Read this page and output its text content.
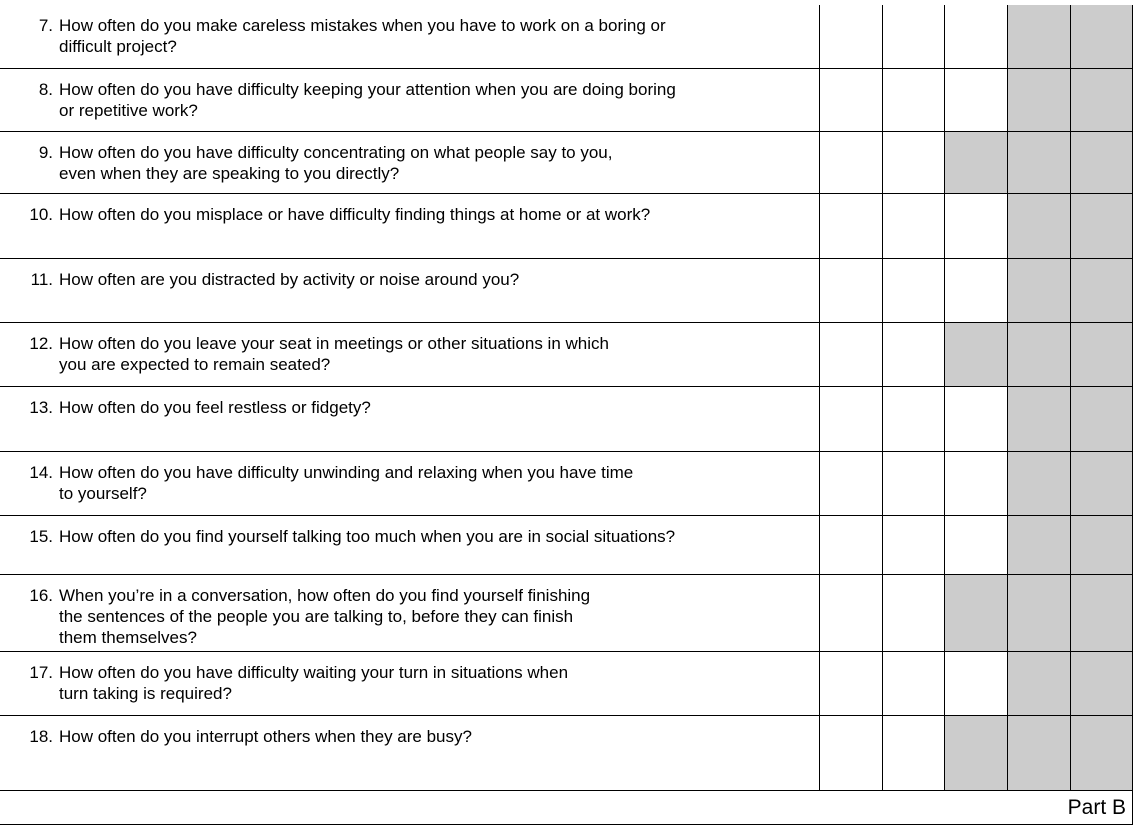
7. How often do you make careless mistakes when you have to work on a boring or
difficult project?
8. How often do you have difficulty keeping your attention when you are doing boring
or repetitive work?
9. How often do you have difficulty concentrating on what people say to you,
even when they are speaking to you directly?
10. How often do you misplace or have difficulty finding things at home or at work?
11. How often are you distracted by activity or noise around you?
12. How often do you leave your seat in meetings or other situations in which
you are expected to remain seated?
13. How often do you feel restless or fidgety?
14. How often do you have difficulty unwinding and relaxing when you have time
to yourself?
15. How often do you find yourself talking too much when you are in social situations?
16. When you’re in a conversation, how often do you find yourself finishing
the sentences of the people you are talking to, before they can finish
them themselves?
17. How often do you have difficulty waiting your turn in situations when
turn taking is required?
18. How often do you interrupt others when they are busy?
Part B
